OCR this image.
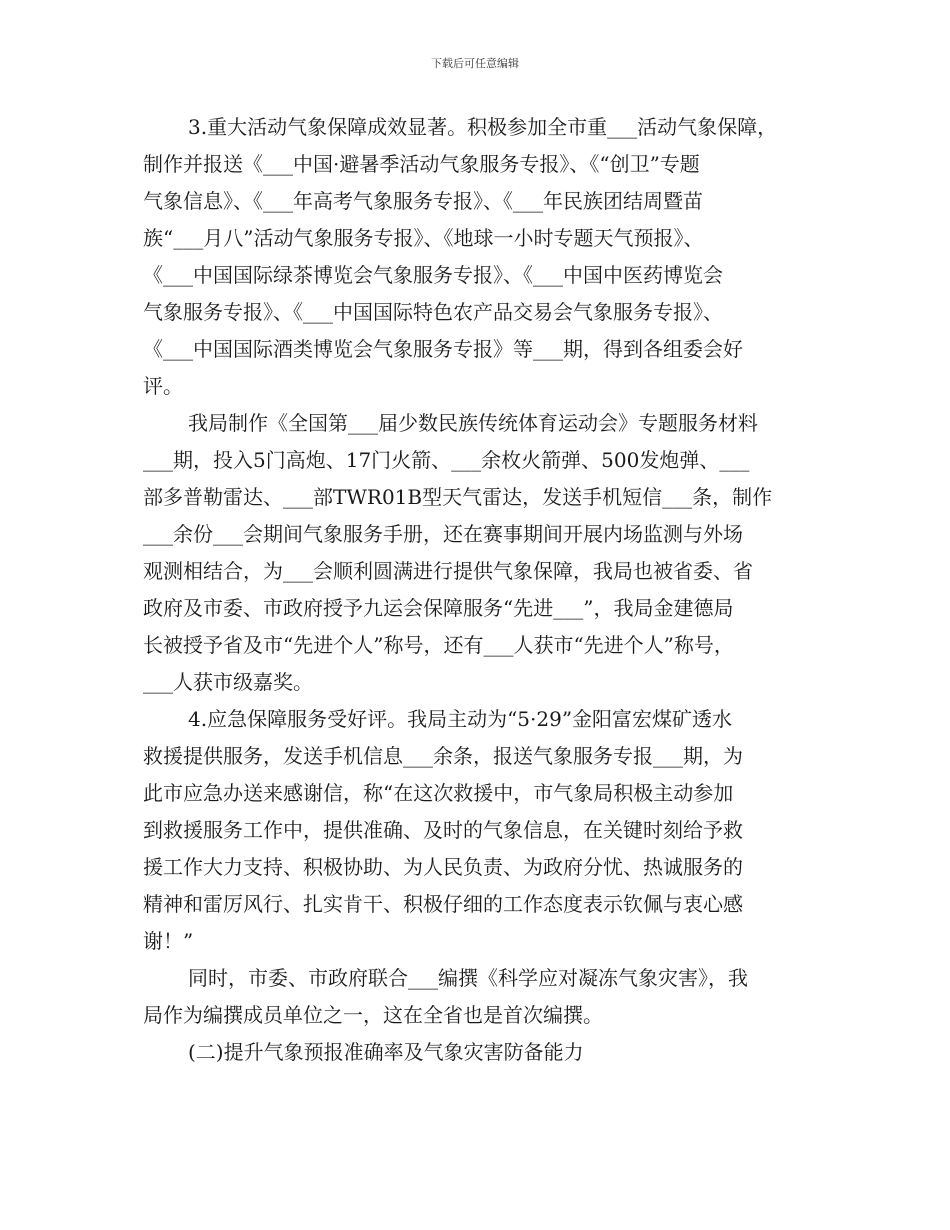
下载后可任意编辑
3.重大活动气象保障成效显著。积极参加全市重___活动气象保障，
制作并报送《___中国·避暑季活动气象服务专报》、《“创卫”专题
气象信息》、《___年高考气象服务专报》、《___年民族团结周暨苗
族“___月八”活动气象服务专报》、《地球一小时专题天气预报》、
《___中国国际绿茶博览会气象服务专报》、《___中国中医药博览会
气象服务专报》、《___中国国际特色农产品交易会气象服务专报》、
《___中国国际酒类博览会气象服务专报》等___期，得到各组委会好
评。
我局制作《全国第___届少数民族传统体育运动会》专题服务材料
___期，投入5门高炮、17门火箭、___余枚火箭弹、500发炮弹、___
部多普勒雷达、___部TWR01B型天气雷达，发送手机短信___条，制作
___余份___会期间气象服务手册，还在赛事期间开展内场监测与外场
观测相结合，为___会顺利圆满进行提供气象保障，我局也被省委、省
政府及市委、市政府授予九运会保障服务“先进___”，我局金建德局
长被授予省及市“先进个人”称号，还有___人获市“先进个人”称号，
___人获市级嘉奖。
4.应急保障服务受好评。我局主动为“5·29”金阳富宏煤矿透水
救援提供服务，发送手机信息___余条，报送气象服务专报___期，为
此市应急办送来感谢信，称“在这次救援中，市气象局积极主动参加
到救援服务工作中，提供准确、及时的气象信息，在关键时刻给予救
援工作大力支持、积极协助、为人民负责、为政府分忧、热诚服务的
精神和雷厉风行、扎实肯干、积极仔细的工作态度表示钦佩与衷心感
谢！”
同时，市委、市政府联合___编撰《科学应对凝冻气象灾害》，我
局作为编撰成员单位之一，这在全省也是首次编撰。
(二)提升气象预报准确率及气象灾害防备能力
